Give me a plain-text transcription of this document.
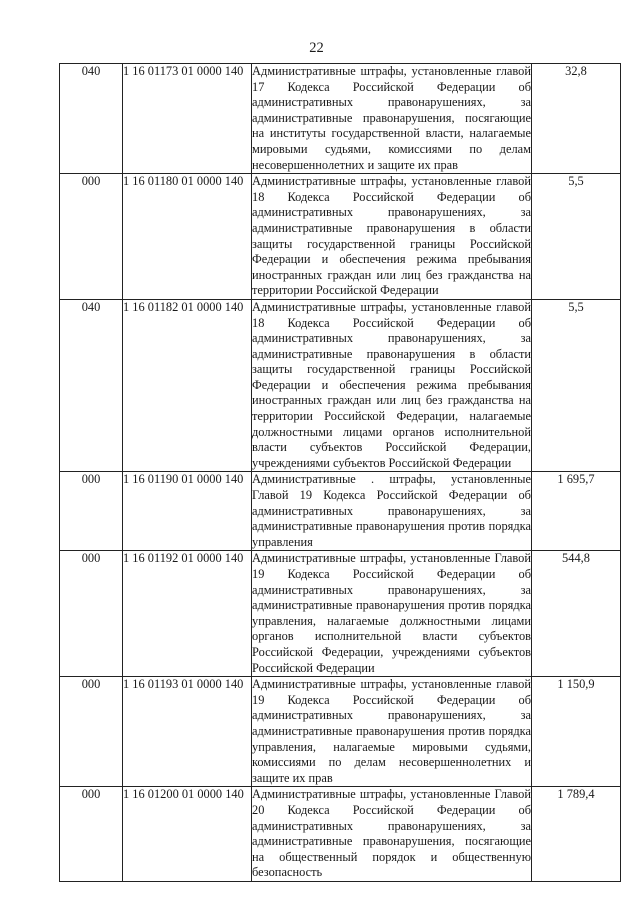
22
040	1 16 01173 01 0000 140	Административные штрафы, установленные главой 17 Кодекса Российской Федерации об административных правонарушениях, за административные правонарушения, посягающие на институты государственной власти, налагаемые мировыми судьями, комиссиями по делам несовершеннолетних и защите их прав	32,8
000	1 16 01180 01 0000 140	Административные штрафы, установленные главой 18 Кодекса Российской Федерации об административных правонарушениях, за административные правонарушения в области защиты государственной границы Российской Федерации и обеспечения режима пребывания иностранных граждан или лиц без гражданства на территории Российской Федерации	5,5
040	1 16 01182 01 0000 140	Административные штрафы, установленные главой 18 Кодекса Российской Федерации об административных правонарушениях, за административные правонарушения в области защиты государственной границы Российской Федерации и обеспечения режима пребывания иностранных граждан или лиц без гражданства на территории Российской Федерации, налагаемые должностными лицами органов исполнительной власти субъектов Российской Федерации, учреждениями субъектов Российской Федерации	5,5
000	1 16 01190 01 0000 140	Административные . штрафы, установленные Главой 19 Кодекса Российской Федерации об административных правонарушениях, за административные правонарушения против порядка управления	1 695,7
000	1 16 01192 01 0000 140	Административные штрафы, установленные Главой 19 Кодекса Российской Федерации об административных правонарушениях, за административные правонарушения против порядка управления, налагаемые должностными лицами органов исполнительной власти субъектов Российской Федерации, учреждениями субъектов Российской Федерации	544,8
000	1 16 01193 01 0000 140	Административные штрафы, установленные главой 19 Кодекса Российской Федерации об административных правонарушениях, за административные правонарушения против порядка управления, налагаемые мировыми судьями, комиссиями по делам несовершеннолетних и защите их прав	1 150,9
000	1 16 01200 01 0000 140	Административные штрафы, установленные Главой 20 Кодекса Российской Федерации об административных правонарушениях, за административные правонарушения, посягающие на общественный порядок и общественную безопасность	1 789,4
